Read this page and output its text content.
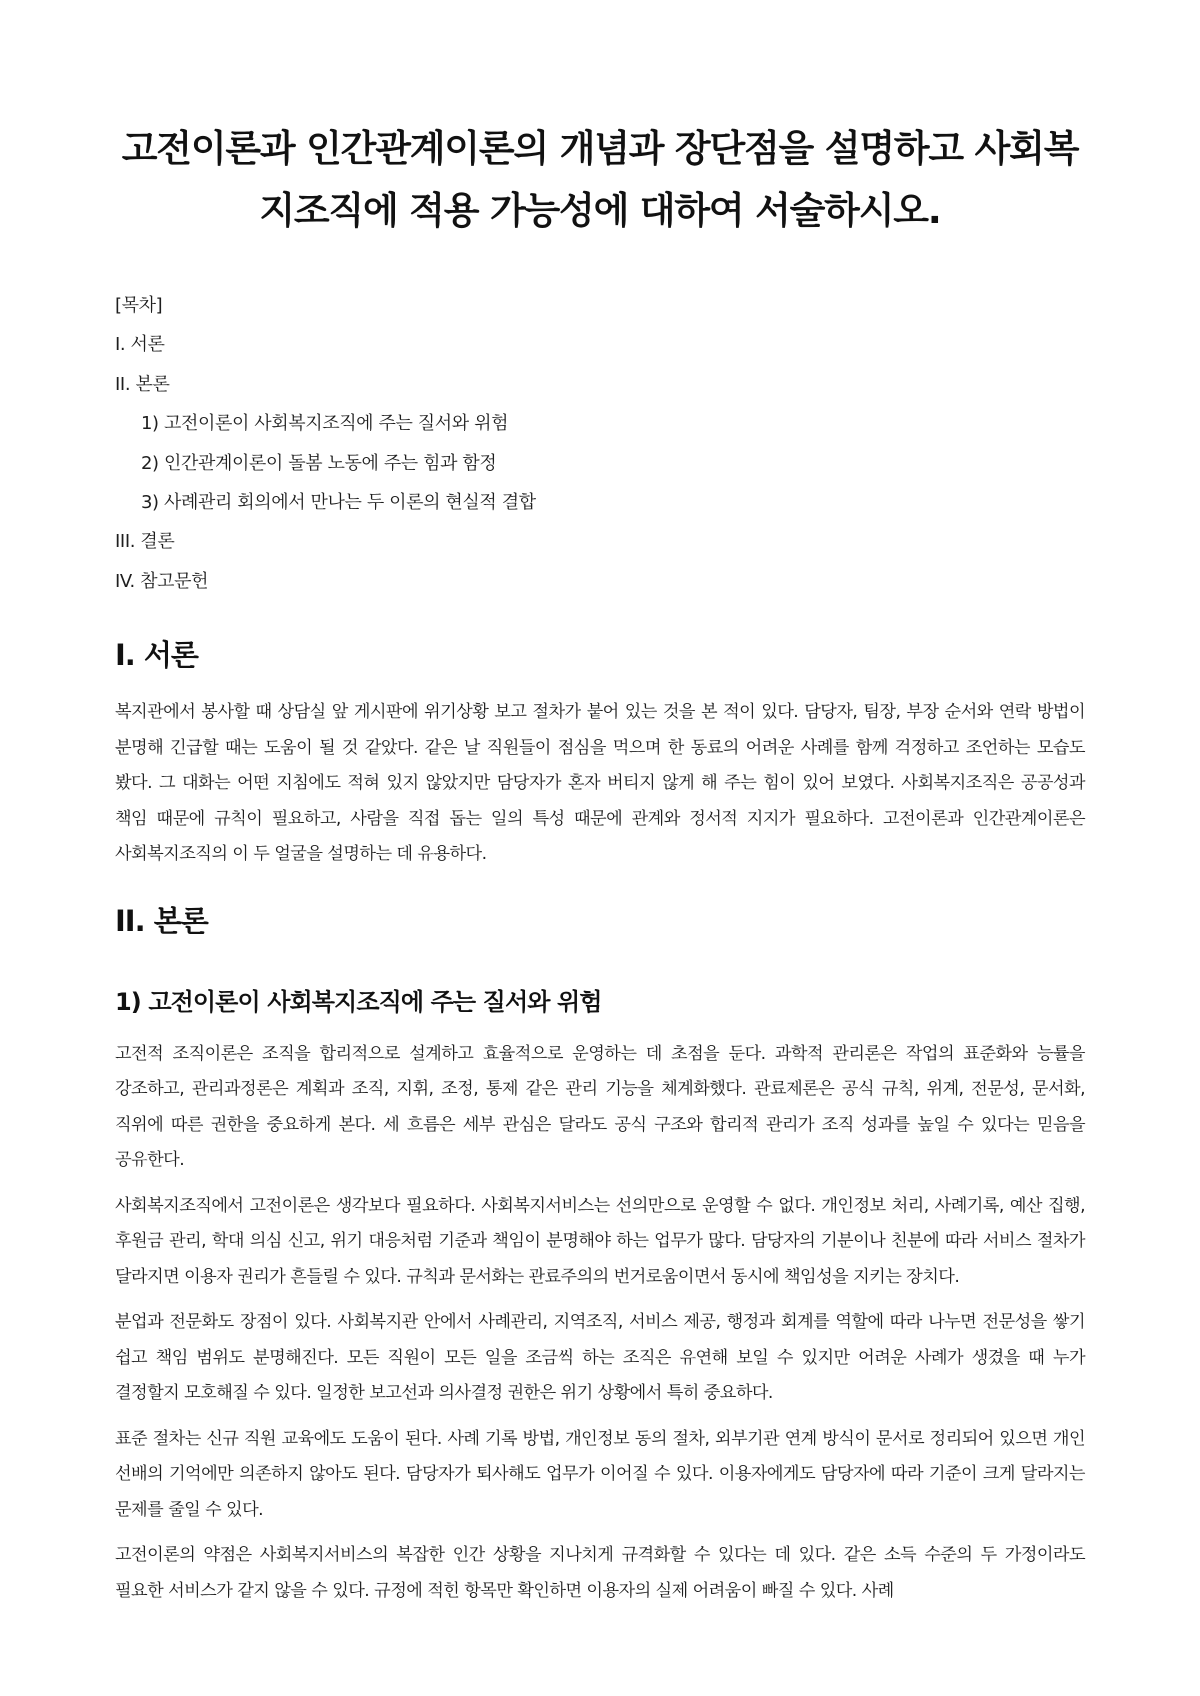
고전이론과 인간관계이론의 개념과 장단점을 설명하고 사회복지조직에 적용 가능성에 대하여 서술하시오.
[목차]
I. 서론
II. 본론
1) 고전이론이 사회복지조직에 주는 질서와 위험
2) 인간관계이론이 돌봄 노동에 주는 힘과 함정
3) 사례관리 회의에서 만나는 두 이론의 현실적 결합
III. 결론
IV. 참고문헌
I. 서론

복지관에서 봉사할 때 상담실 앞 게시판에 위기상황 보고 절차가 붙어 있는 것을 본 적이 있다. 담당자, 팀장, 부장 순서와 연락 방법이 분명해 긴급할 때는 도움이 될 것 같았다. 같은 날 직원들이 점심을 먹으며 한 동료의 어려운 사례를 함께 걱정하고 조언하는 모습도 봤다. 그 대화는 어떤 지침에도 적혀 있지 않았지만 담당자가 혼자 버티지 않게 해 주는 힘이 있어 보였다. 사회복지조직은 공공성과 책임 때문에 규칙이 필요하고, 사람을 직접 돕는 일의 특성 때문에 관계와 정서적 지지가 필요하다. 고전이론과 인간관계이론은 사회복지조직의 이 두 얼굴을 설명하는 데 유용하다.

II. 본론
1) 고전이론이 사회복지조직에 주는 질서와 위험

고전적 조직이론은 조직을 합리적으로 설계하고 효율적으로 운영하는 데 초점을 둔다. 과학적 관리론은 작업의 표준화와 능률을 강조하고, 관리과정론은 계획과 조직, 지휘, 조정, 통제 같은 관리 기능을 체계화했다. 관료제론은 공식 규칙, 위계, 전문성, 문서화, 직위에 따른 권한을 중요하게 본다. 세 흐름은 세부 관심은 달라도 공식 구조와 합리적 관리가 조직 성과를 높일 수 있다는 믿음을 공유한다.

사회복지조직에서 고전이론은 생각보다 필요하다. 사회복지서비스는 선의만으로 운영할 수 없다. 개인정보 처리, 사례기록, 예산 집행, 후원금 관리, 학대 의심 신고, 위기 대응처럼 기준과 책임이 분명해야 하는 업무가 많다. 담당자의 기분이나 친분에 따라 서비스 절차가 달라지면 이용자 권리가 흔들릴 수 있다. 규칙과 문서화는 관료주의의 번거로움이면서 동시에 책임성을 지키는 장치다.

분업과 전문화도 장점이 있다. 사회복지관 안에서 사례관리, 지역조직, 서비스 제공, 행정과 회계를 역할에 따라 나누면 전문성을 쌓기 쉽고 책임 범위도 분명해진다. 모든 직원이 모든 일을 조금씩 하는 조직은 유연해 보일 수 있지만 어려운 사례가 생겼을 때 누가 결정할지 모호해질 수 있다. 일정한 보고선과 의사결정 권한은 위기 상황에서 특히 중요하다.

표준 절차는 신규 직원 교육에도 도움이 된다. 사례 기록 방법, 개인정보 동의 절차, 외부기관 연계 방식이 문서로 정리되어 있으면 개인 선배의 기억에만 의존하지 않아도 된다. 담당자가 퇴사해도 업무가 이어질 수 있다. 이용자에게도 담당자에 따라 기준이 크게 달라지는 문제를 줄일 수 있다.

고전이론의 약점은 사회복지서비스의 복잡한 인간 상황을 지나치게 규격화할 수 있다는 데 있다. 같은 소득 수준의 두 가정이라도 필요한 서비스가 같지 않을 수 있다. 규정에 적힌 항목만 확인하면 이용자의 실제 어려움이 빠질 수 있다. 사례
